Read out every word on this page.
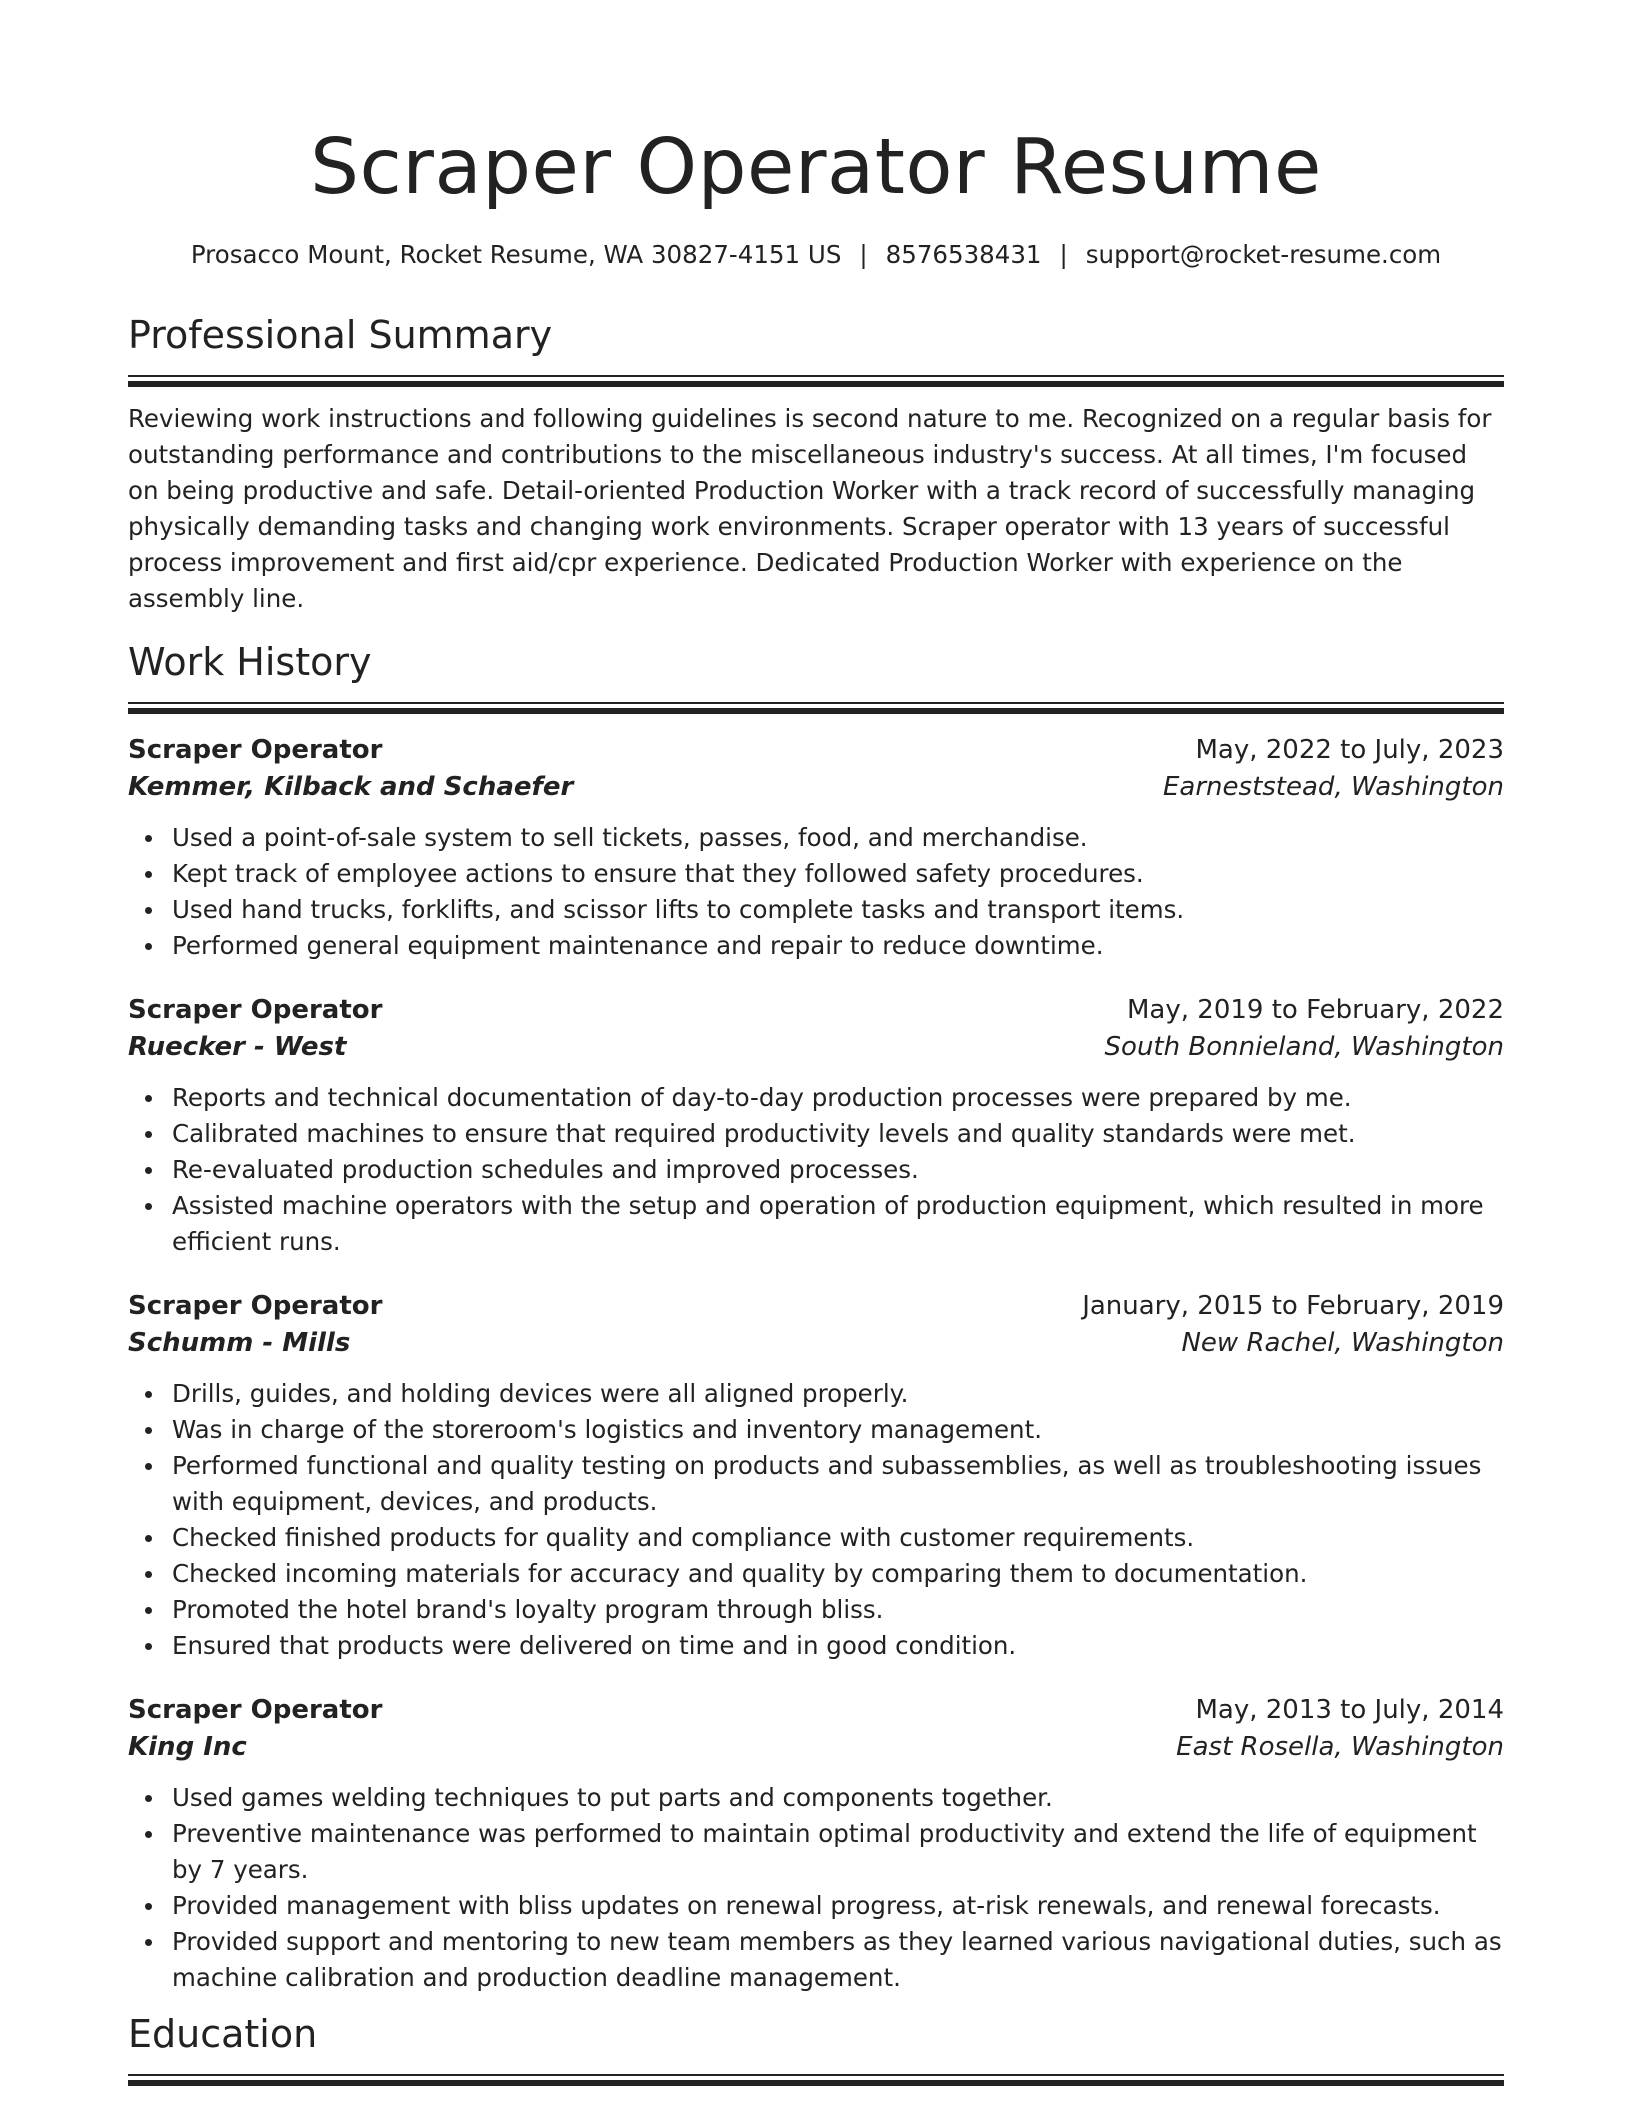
Scraper Operator Resume
Prosacco Mount, Rocket Resume, WA 30827-4151 US | 8576538431 | support@rocket-resume.com
Professional Summary

Reviewing work instructions and following guidelines is second nature to me. Recognized on a regular basis for outstanding performance and contributions to the miscellaneous industry's success. At all times, I'm focused on being productive and safe. Detail-oriented Production Worker with a track record of successfully managing physically demanding tasks and changing work environments. Scraper operator with 13 years of successful process improvement and first aid/cpr experience. Dedicated Production Worker with experience on the assembly line.

Work History
Scraper Operator	May, 2022 to July, 2023
Kemmer, Kilback and Schaefer	Earneststead, Washington
Used a point-of-sale system to sell tickets, passes, food, and merchandise.
Kept track of employee actions to ensure that they followed safety procedures.
Used hand trucks, forklifts, and scissor lifts to complete tasks and transport items.
Performed general equipment maintenance and repair to reduce downtime.
Scraper Operator	May, 2019 to February, 2022
Ruecker - West	South Bonnieland, Washington
Reports and technical documentation of day-to-day production processes were prepared by me.
Calibrated machines to ensure that required productivity levels and quality standards were met.
Re-evaluated production schedules and improved processes.
Assisted machine operators with the setup and operation of production equipment, which resulted in more efficient runs.
Scraper Operator	January, 2015 to February, 2019
Schumm - Mills	New Rachel, Washington
Drills, guides, and holding devices were all aligned properly.
Was in charge of the storeroom's logistics and inventory management.
Performed functional and quality testing on products and subassemblies, as well as troubleshooting issues with equipment, devices, and products.
Checked finished products for quality and compliance with customer requirements.
Checked incoming materials for accuracy and quality by comparing them to documentation.
Promoted the hotel brand's loyalty program through bliss.
Ensured that products were delivered on time and in good condition.
Scraper Operator	May, 2013 to July, 2014
King Inc	East Rosella, Washington
Used games welding techniques to put parts and components together.
Preventive maintenance was performed to maintain optimal productivity and extend the life of equipment by 7 years.
Provided management with bliss updates on renewal progress, at-risk renewals, and renewal forecasts.
Provided support and mentoring to new team members as they learned various navigational duties, such as machine calibration and production deadline management.
Education
